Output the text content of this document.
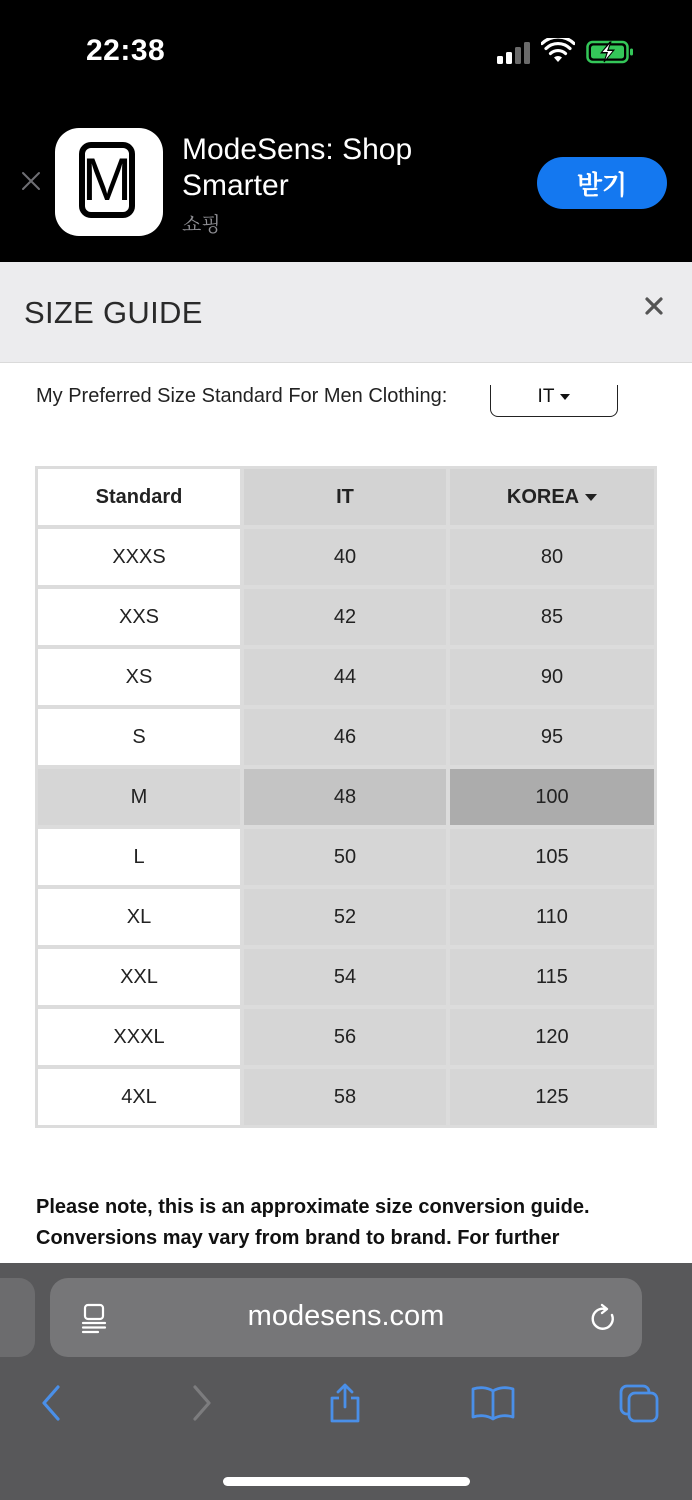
22:38
M ModeSens: Shop Smarter
쇼핑
받기
SIZE GUIDE
My Preferred Size Standard For Men Clothing:	IT
Standard	IT	KOREA
XXXS	40	80
XXS	42	85
XS	44	90
S	46	95
M	48	100
L	50	105
XL	52	110
XXL	54	115
XXXL	56	120
4XL	58	125
Please note, this is an approximate size conversion guide.
Conversions may vary from brand to brand. For further
modesens.com
